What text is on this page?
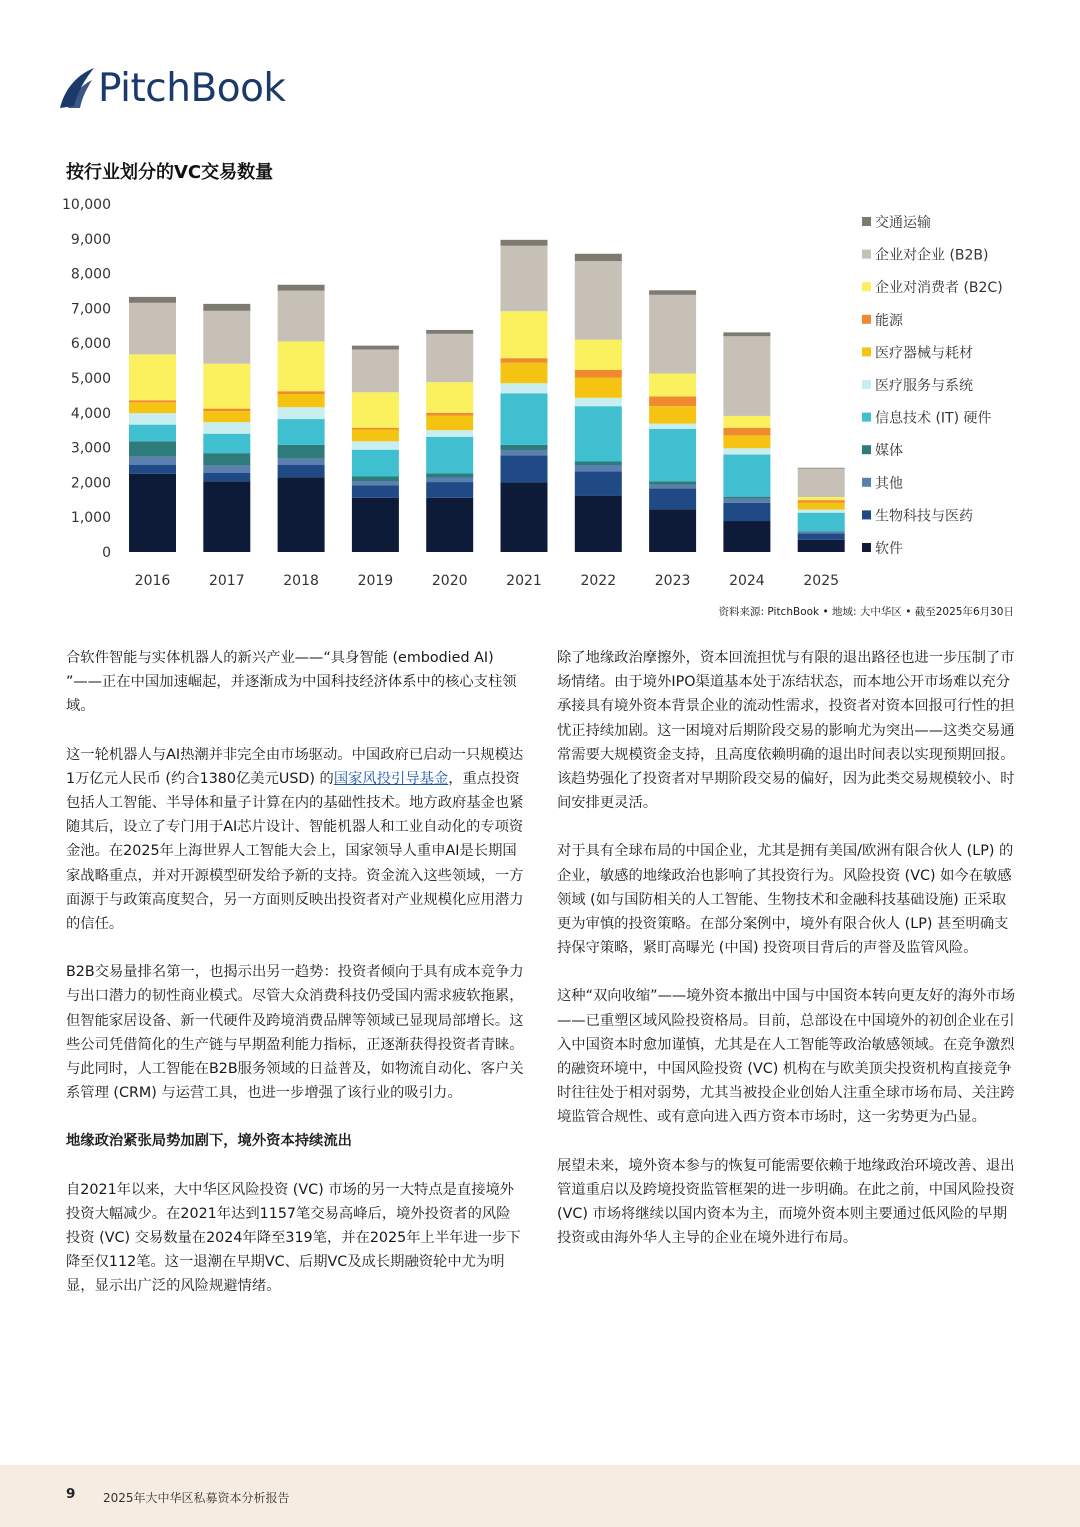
PitchBook
按行业划分的VC交易数量
0
1,000
2,000
3,000
4,000
5,000
6,000
7,000
8,000
9,000
10,000
2016	2017	2018	2019	2020	2021	2022	2023	2024	2025
交通运输
企业对企业 (B2B)
企业对消费者 (B2C)
能源
医疗器械与耗材
医疗服务与系统
信息技术 (IT) 硬件
媒体
其他
生物科技与医药
软件
资料来源: PitchBook • 地域: 大中华区 • 截至2025年6月30日

合软件智能与实体机器人的新兴产业——“具身智能 (embodied AI) ”——正在中国加速崛起，并逐渐成为中国科技经济体系中的核心支柱领域。

这一轮机器人与AI热潮并非完全由市场驱动。中国政府已启动一只规模达1万亿元人民币 (约合1380亿美元USD) 的国家风投引导基金，重点投资包括人工智能、半导体和量子计算在内的基础性技术。地方政府基金也紧随其后，设立了专门用于AI芯片设计、智能机器人和工业自动化的专项资金池。在2025年上海世界人工智能大会上，国家领导人重申AI是长期国家战略重点，并对开源模型研发给予新的支持。资金流入这些领域，一方面源于与政策高度契合，另一方面则反映出投资者对产业规模化应用潜力的信任。

B2B交易量排名第一，也揭示出另一趋势：投资者倾向于具有成本竞争力与出口潜力的韧性商业模式。尽管大众消费科技仍受国内需求疲软拖累，但智能家居设备、新一代硬件及跨境消费品牌等领域已显现局部增长。这些公司凭借简化的生产链与早期盈利能力指标，正逐渐获得投资者青睐。与此同时，人工智能在B2B服务领域的日益普及，如物流自动化、客户关系管理 (CRM) 与运营工具，也进一步增强了该行业的吸引力。

地缘政治紧张局势加剧下，境外资本持续流出

自2021年以来，大中华区风险投资 (VC) 市场的另一大特点是直接境外投资大幅减少。在2021年达到1157笔交易高峰后，境外投资者的风险投资 (VC) 交易数量在2024年降至319笔，并在2025年上半年进一步下降至仅112笔。这一退潮在早期VC、后期VC及成长期融资轮中尤为明显，显示出广泛的风险规避情绪。

除了地缘政治摩擦外，资本回流担忧与有限的退出路径也进一步压制了市场情绪。由于境外IPO渠道基本处于冻结状态，而本地公开市场难以充分承接具有境外资本背景企业的流动性需求，投资者对资本回报可行性的担忧正持续加剧。这一困境对后期阶段交易的影响尤为突出——这类交易通常需要大规模资金支持，且高度依赖明确的退出时间表以实现预期回报。该趋势强化了投资者对早期阶段交易的偏好，因为此类交易规模较小、时间安排更灵活。

对于具有全球布局的中国企业，尤其是拥有美国/欧洲有限合伙人 (LP) 的企业，敏感的地缘政治也影响了其投资行为。风险投资 (VC) 如今在敏感领域 (如与国防相关的人工智能、生物技术和金融科技基础设施) 正采取更为审慎的投资策略。在部分案例中，境外有限合伙人 (LP) 甚至明确支持保守策略，紧盯高曝光 (中国) 投资项目背后的声誉及监管风险。

这种“双向收缩”——境外资本撤出中国与中国资本转向更友好的海外市场——已重塑区域风险投资格局。目前，总部设在中国境外的初创企业在引入中国资本时愈加谨慎，尤其是在人工智能等政治敏感领域。在竞争激烈的融资环境中，中国风险投资 (VC) 机构在与欧美顶尖投资机构直接竞争时往往处于相对弱势，尤其当被投企业创始人注重全球市场布局、关注跨境监管合规性、或有意向进入西方资本市场时，这一劣势更为凸显。

展望未来，境外资本参与的恢复可能需要依赖于地缘政治环境改善、退出管道重启以及跨境投资监管框架的进一步明确。在此之前，中国风险投资 (VC) 市场将继续以国内资本为主，而境外资本则主要通过低风险的早期投资或由海外华人主导的企业在境外进行布局。

9 2025年大中华区私募资本分析报告
